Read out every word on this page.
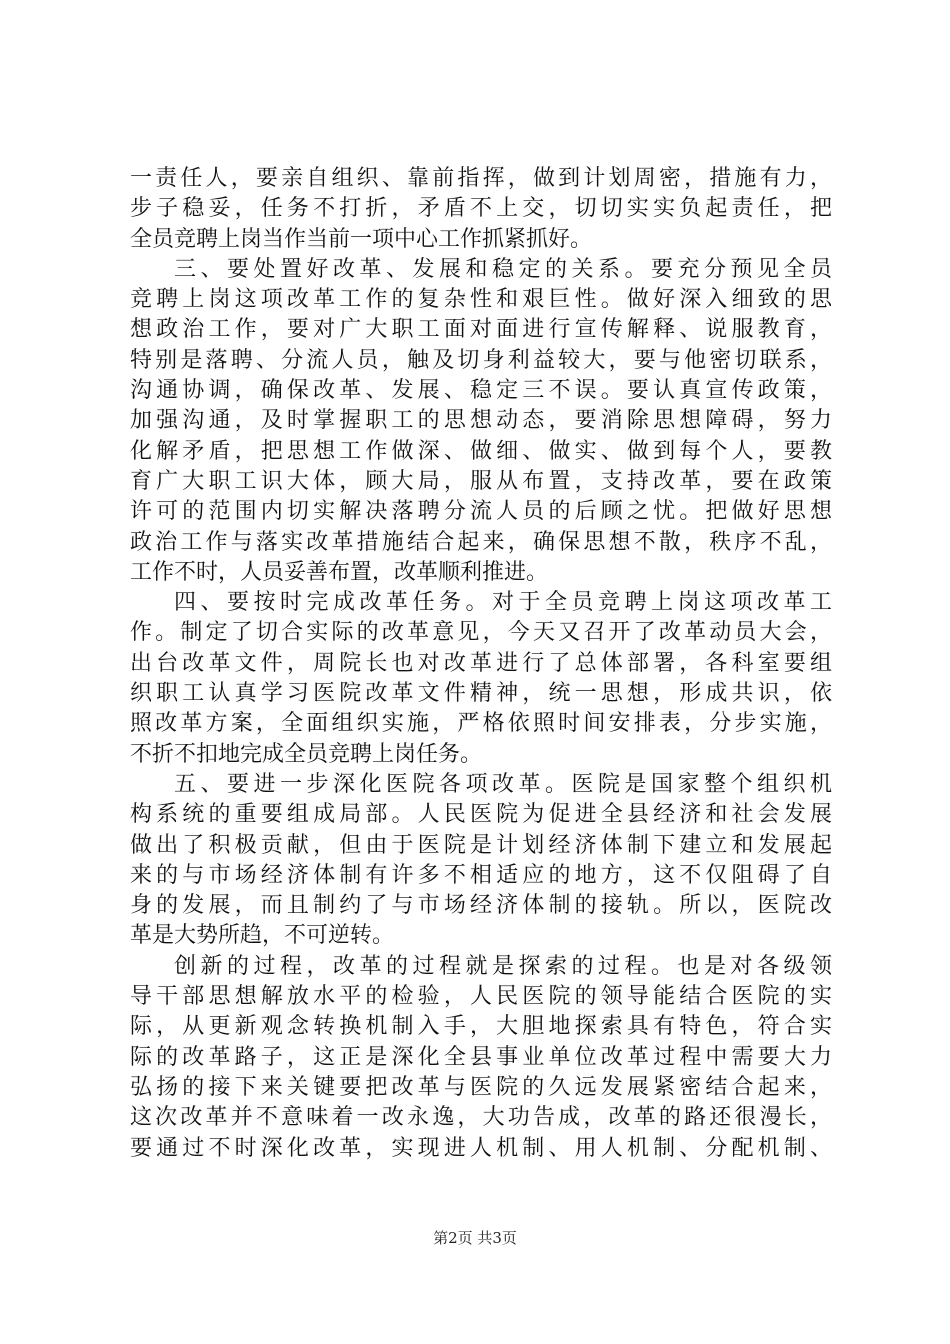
一责任人，要亲自组织、靠前指挥，做到计划周密，措施有力，
步子稳妥，任务不打折，矛盾不上交，切切实实负起责任，把
全员竞聘上岗当作当前一项中心工作抓紧抓好。
三、要处置好改革、发展和稳定的关系。要充分预见全员
竞聘上岗这项改革工作的复杂性和艰巨性。做好深入细致的思
想政治工作，要对广大职工面对面进行宣传解释、说服教育，
特别是落聘、分流人员，触及切身利益较大，要与他密切联系，
沟通协调，确保改革、发展、稳定三不误。要认真宣传政策，
加强沟通，及时掌握职工的思想动态，要消除思想障碍，努力
化解矛盾，把思想工作做深、做细、做实、做到每个人，要教
育广大职工识大体，顾大局，服从布置，支持改革，要在政策
许可的范围内切实解决落聘分流人员的后顾之忧。把做好思想
政治工作与落实改革措施结合起来，确保思想不散，秩序不乱，
工作不时，人员妥善布置，改革顺利推进。
四、要按时完成改革任务。对于全员竞聘上岗这项改革工
作。制定了切合实际的改革意见，今天又召开了改革动员大会，
出台改革文件，周院长也对改革进行了总体部署，各科室要组
织职工认真学习医院改革文件精神，统一思想，形成共识，依
照改革方案，全面组织实施，严格依照时间安排表，分步实施，
不折不扣地完成全员竞聘上岗任务。
五、要进一步深化医院各项改革。医院是国家整个组织机
构系统的重要组成局部。人民医院为促进全县经济和社会发展
做出了积极贡献，但由于医院是计划经济体制下建立和发展起
来的与市场经济体制有许多不相适应的地方，这不仅阻碍了自
身的发展，而且制约了与市场经济体制的接轨。所以，医院改
革是大势所趋，不可逆转。
创新的过程，改革的过程就是探索的过程。也是对各级领
导干部思想解放水平的检验，人民医院的领导能结合医院的实
际，从更新观念转换机制入手，大胆地探索具有特色，符合实
际的改革路子，这正是深化全县事业单位改革过程中需要大力
弘扬的接下来关键要把改革与医院的久远发展紧密结合起来，
这次改革并不意味着一改永逸，大功告成，改革的路还很漫长，
要通过不时深化改革，实现进人机制、用人机制、分配机制、
第2页 共3页
